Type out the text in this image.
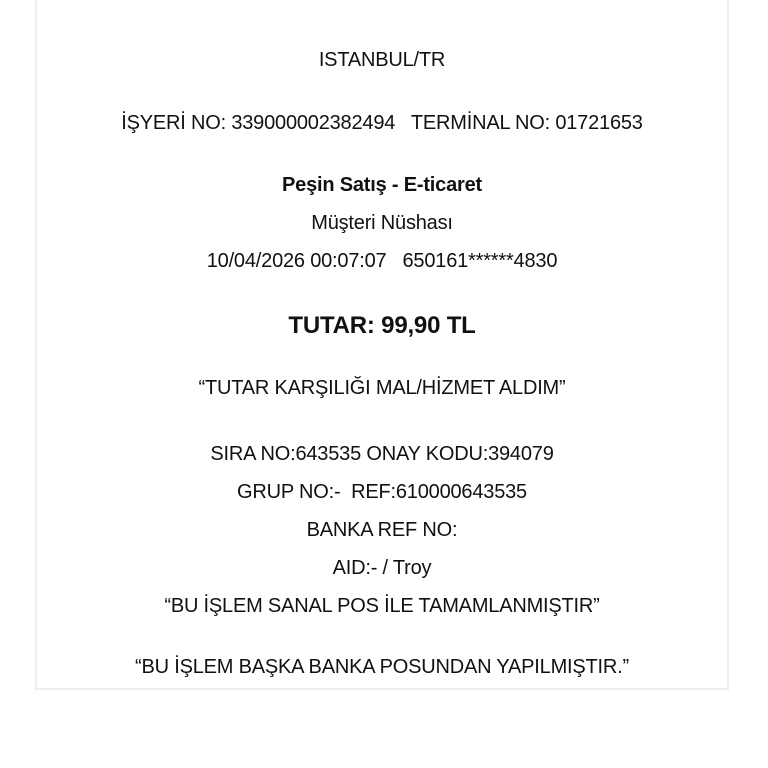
ISTANBUL/TR
İŞYERİ NO: 339000002382494   TERMİNAL NO: 01721653
Peşin Satış - E-ticaret
Müşteri Nüshası
10/04/2026 00:07:07   650161******4830
TUTAR: 99,90 TL
“TUTAR KARŞILIĞI MAL/HİZMET ALDIM”
SIRA NO:643535 ONAY KODU:394079
GRUP NO:-  REF:610000643535
BANKA REF NO:
AID:- / Troy
“BU İŞLEM SANAL POS İLE TAMAMLANMIŞTIR”
“BU İŞLEM BAŞKA BANKA POSUNDAN YAPILMIŞTIR.”
